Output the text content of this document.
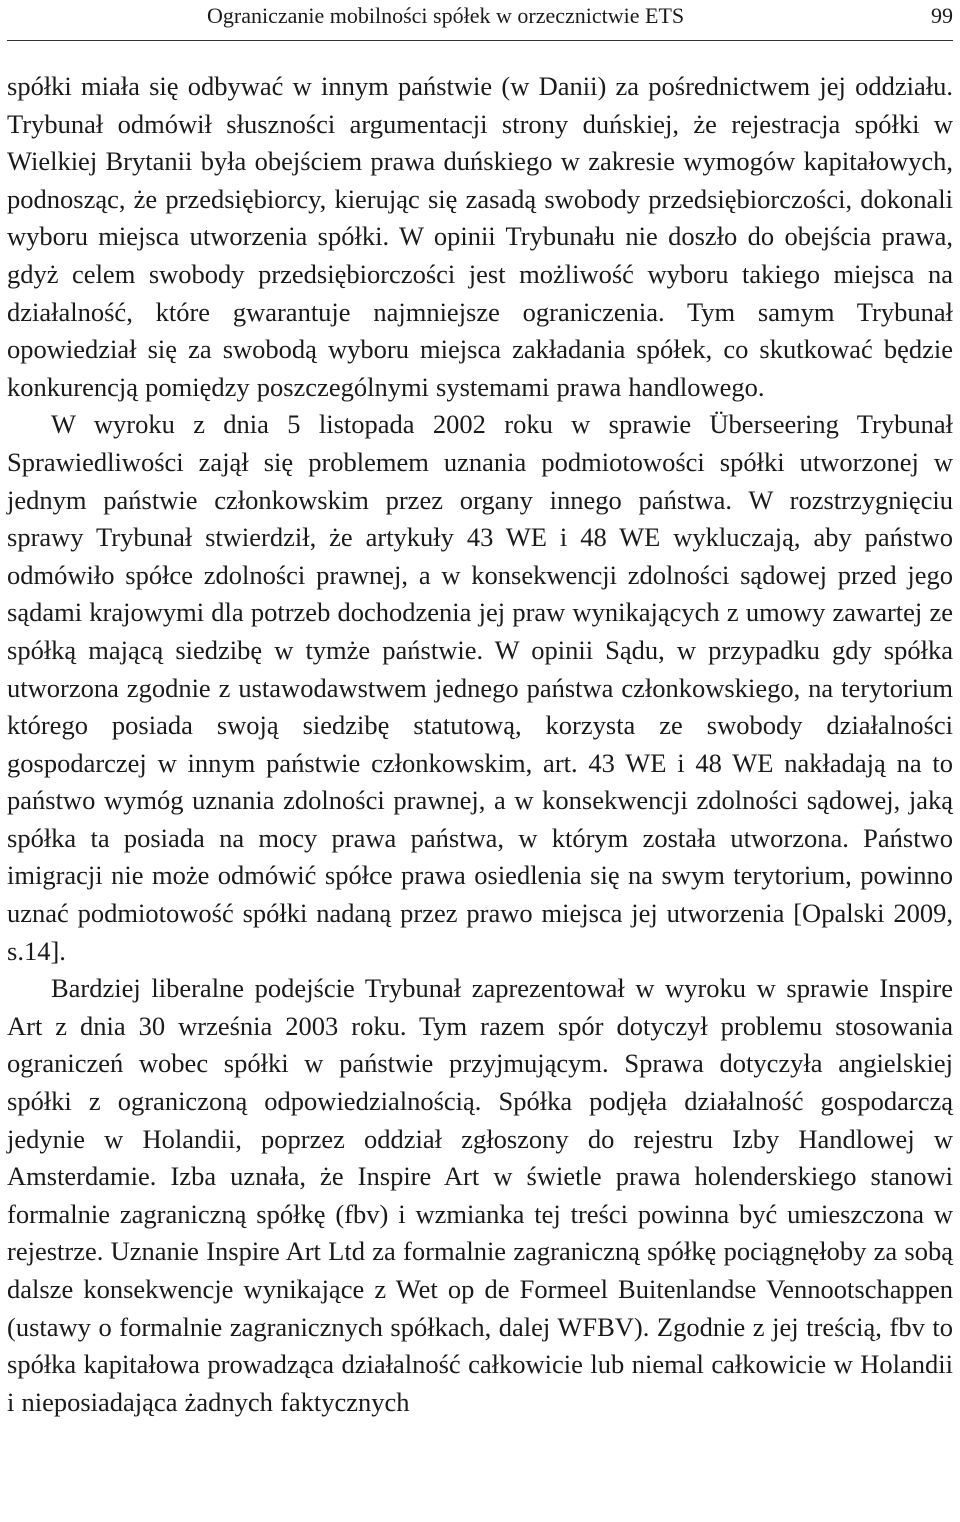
Ograniczanie mobilności spółek w orzecznictwie ETS	99

spółki miała się odbywać w innym państwie (w Danii) za pośrednictwem jej oddziału. Trybunał odmówił słuszności argumentacji strony duńskiej, że rejestracja spółki w Wielkiej Brytanii była obejściem prawa duńskiego w zakresie wymogów kapitałowych, podnosząc, że przedsiębiorcy, kierując się zasadą swobody przedsiębiorczości, dokonali wyboru miejsca utworzenia spółki. W opinii Trybunału nie doszło do obejścia prawa, gdyż celem swobody przedsiębiorczości jest możliwość wyboru takiego miejsca na działalność, które gwarantuje najmniejsze ograniczenia. Tym samym Trybunał opowiedział się za swobodą wyboru miejsca zakładania spółek, co skutkować będzie konkurencją pomiędzy poszczególnymi systemami prawa handlowego.

W wyroku z dnia 5 listopada 2002 roku w sprawie Überseering Trybunał Sprawiedliwości zajął się problemem uznania podmiotowości spółki utworzonej w jednym państwie członkowskim przez organy innego państwa. W rozstrzygnięciu sprawy Trybunał stwierdził, że artykuły 43 WE i 48 WE wykluczają, aby państwo odmówiło spółce zdolności prawnej, a w konsekwencji zdolności sądowej przed jego sądami krajowymi dla potrzeb dochodzenia jej praw wynikających z umowy zawartej ze spółką mającą siedzibę w tymże państwie. W opinii Sądu, w przypadku gdy spółka utworzona zgodnie z ustawodawstwem jednego państwa członkowskiego, na terytorium którego posiada swoją siedzibę statutową, korzysta ze swobody działalności gospodarczej w innym państwie członkowskim, art. 43 WE i 48 WE nakładają na to państwo wymóg uznania zdolności prawnej, a w konsekwencji zdolności sądowej, jaką spółka ta posiada na mocy prawa państwa, w którym została utworzona. Państwo imigracji nie może odmówić spółce prawa osiedlenia się na swym terytorium, powinno uznać podmiotowość spółki nadaną przez prawo miejsca jej utworzenia [Opalski 2009, s.14].

Bardziej liberalne podejście Trybunał zaprezentował w wyroku w sprawie Inspire Art z dnia 30 września 2003 roku. Tym razem spór dotyczył problemu stosowania ograniczeń wobec spółki w państwie przyjmującym. Sprawa dotyczyła angielskiej spółki z ograniczoną odpowiedzialnością. Spółka podjęła działalność gospodarczą jedynie w Holandii, poprzez oddział zgłoszony do rejestru Izby Handlowej w Amsterdamie. Izba uznała, że Inspire Art w świetle prawa holenderskiego stanowi formalnie zagraniczną spółkę (fbv) i wzmianka tej treści powinna być umieszczona w rejestrze. Uznanie Inspire Art Ltd za formalnie zagraniczną spółkę pociągnęłoby za sobą dalsze konsekwencje wynikające z Wet op de Formeel Buitenlandse Vennootschappen (ustawy o formalnie zagranicznych spółkach, dalej WFBV). Zgodnie z jej treścią, fbv to spółka kapitałowa prowadząca działalność całkowicie lub niemal całkowicie w Holandii i nieposiadająca żadnych faktycznych
